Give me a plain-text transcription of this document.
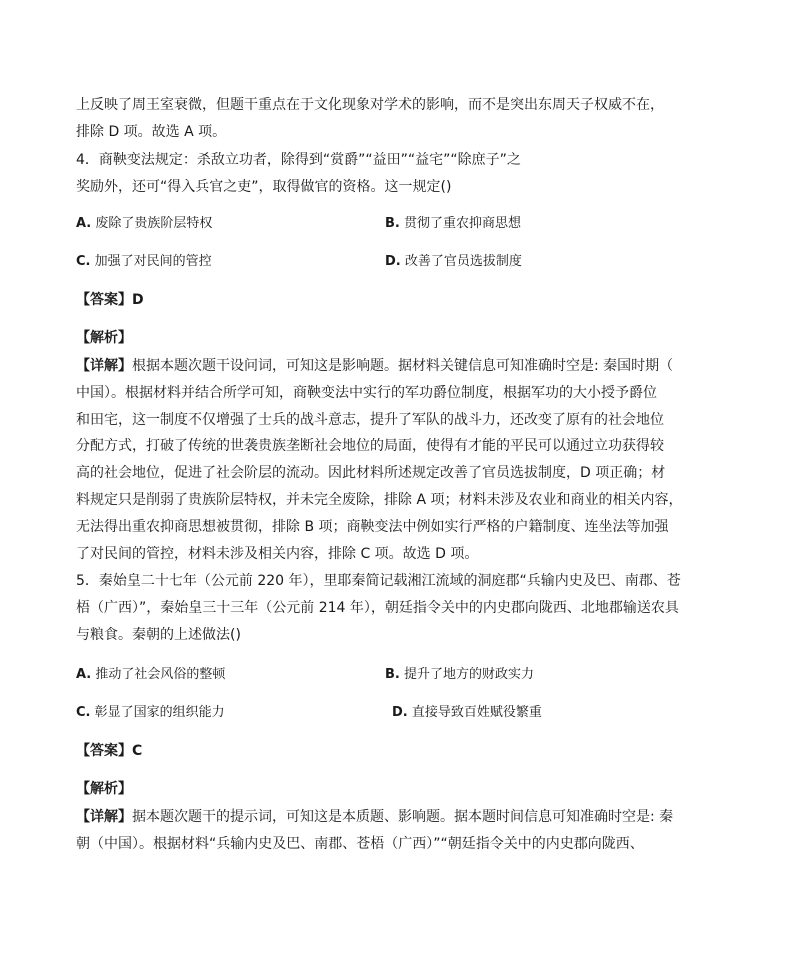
上反映了周王室衰微，但题干重点在于文化现象对学术的影响，而不是突出东周天子权威不在，
排除 D 项。故选 A 项。
4．商鞅变法规定：杀敌立功者，除得到“赏爵”“益田”“益宅”“除庶子”之
奖励外，还可“得入兵官之吏”，取得做官的资格。这一规定()
A. 废除了贵族阶层特权	B. 贯彻了重农抑商思想
C. 加强了对民间的管控	D. 改善了官员选拔制度
【答案】D
【解析】
【详解】根据本题次题干设问词，可知这是影响题。据材料关键信息可知准确时空是: 秦国时期（
中国）。根据材料并结合所学可知，商鞅变法中实行的军功爵位制度，根据军功的大小授予爵位
和田宅，这一制度不仅增强了士兵的战斗意志，提升了军队的战斗力，还改变了原有的社会地位
分配方式，打破了传统的世袭贵族垄断社会地位的局面，使得有才能的平民可以通过立功获得较
高的社会地位，促进了社会阶层的流动。因此材料所述规定改善了官员选拔制度，D 项正确；材
料规定只是削弱了贵族阶层特权，并未完全废除，排除 A 项；材料未涉及农业和商业的相关内容，
无法得出重农抑商思想被贯彻，排除 B 项；商鞅变法中例如实行严格的户籍制度、连坐法等加强
了对民间的管控，材料未涉及相关内容，排除 C 项。故选 D 项。
5．秦始皇二十七年（公元前 220 年），里耶秦简记载湘江流域的洞庭郡“兵输内史及巴、南郡、苍
梧（广西）”，秦始皇三十三年（公元前 214 年），朝廷指令关中的内史郡向陇西、北地郡输送农具
与粮食。秦朝的上述做法()
A. 推动了社会风俗的整顿	B. 提升了地方的财政实力
C. 彰显了国家的组织能力	D. 直接导致百姓赋役繁重
【答案】C
【解析】
【详解】据本题次题干的提示词，可知这是本质题、影响题。据本题时间信息可知准确时空是: 秦
朝（中国）。根据材料“兵输内史及巴、南郡、苍梧（广西）”“朝廷指令关中的内史郡向陇西、
